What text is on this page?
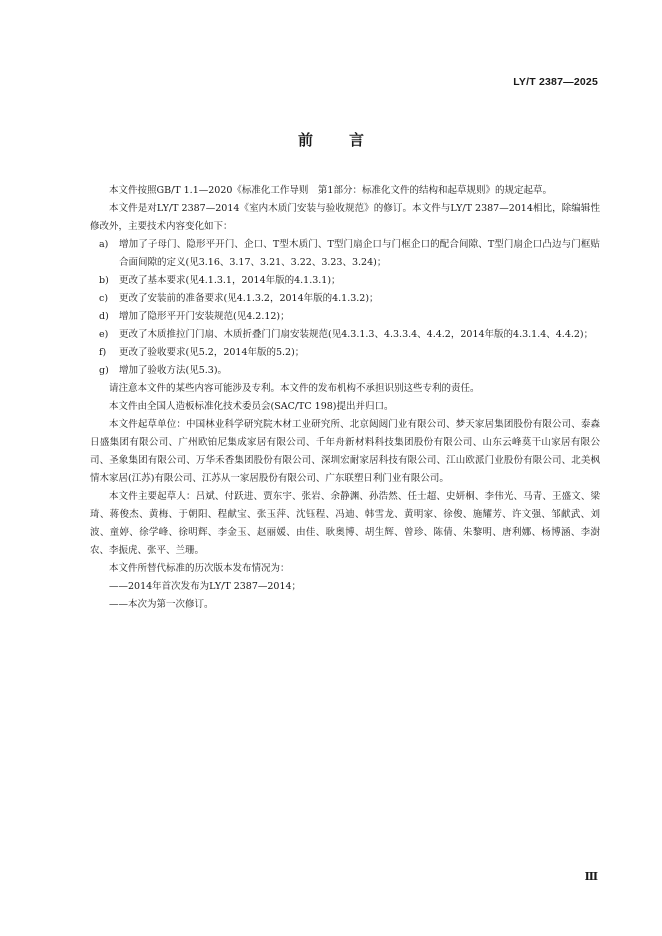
LY/T 2387—2025
前言

本文件按照GB/T 1.1—2020《标准化工作导则　第1部分：标准化文件的结构和起草规则》的规定起草。

本文件是对LY/T 2387—2014《室内木质门安装与验收规范》的修订。本文件与LY/T 2387—2014相比，除编辑性修改外，主要技术内容变化如下：

a) 增加了子母门、隐形平开门、企口、T型木质门、T型门扇企口与门框企口的配合间隙、T型门扇企口凸边与门框贴合面间隙的定义(见3.16、3.17、3.21、3.22、3.23、3.24)；

b) 更改了基本要求(见4.1.3.1，2014年版的4.1.3.1)；

c) 更改了安装前的准备要求(见4.1.3.2，2014年版的4.1.3.2)；

d) 增加了隐形平开门安装规范(见4.2.12)；

e) 更改了木质推拉门门扇、木质折叠门门扇安装规范(见4.3.1.3、4.3.3.4、4.4.2，2014年版的4.3.1.4、4.4.2)；

f) 更改了验收要求(见5.2，2014年版的5.2)；

g) 增加了验收方法(见5.3)。

请注意本文件的某些内容可能涉及专利。本文件的发布机构不承担识别这些专利的责任。

本文件由全国人造板标准化技术委员会(SAC/TC 198)提出并归口。

本文件起草单位：中国林业科学研究院木材工业研究所、北京闼闼门业有限公司、梦天家居集团股份有限公司、泰森日盛集团有限公司、广州欧铂尼集成家居有限公司、千年舟新材料科技集团股份有限公司、山东云峰莫干山家居有限公司、圣象集团有限公司、万华禾香集团股份有限公司、深圳宏耐家居科技有限公司、江山欧派门业股份有限公司、北美枫情木家居(江苏)有限公司、江苏从一家居股份有限公司、广东联塑日利门业有限公司。

本文件主要起草人：吕斌、付跃进、贾东宇、张岩、余静渊、孙浩然、任士超、史妍桐、李伟光、马青、王盛文、梁琦、蒋俊杰、黄梅、于朝阳、程献宝、张玉萍、沈钰程、冯迪、韩雪龙、黄明家、徐俊、施耀芳、许文强、邹献武、刘波、童婷、徐学峰、徐明辉、李金玉、赵丽媛、由佳、耿奥博、胡生辉、曾珍、陈倩、朱黎明、唐利娜、杨博涵、李澍农、李振虎、张平、兰珊。

本文件所替代标准的历次版本发布情况为：

——2014年首次发布为LY/T 2387—2014；

——本次为第一次修订。

Ⅲ
